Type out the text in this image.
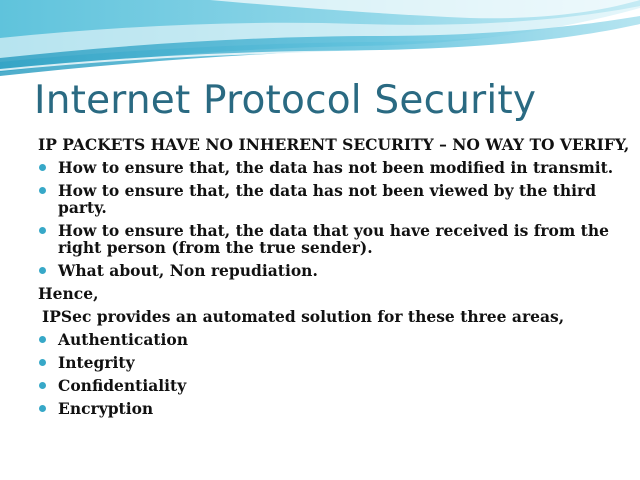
Internet Protocol Security

IP PACKETS HAVE NO INHERENT SECURITY – NO WAY TO VERIFY,

How to ensure that, the data has not been modified in transmit.
How to ensure that, the data has not been viewed by the third party.
How to ensure that, the data that you have received is from the right person (from the true sender).
What about, Non repudiation.

Hence,

IPSec provides an automated solution for these three areas,

Authentication
Integrity
Confidentiality
Encryption
